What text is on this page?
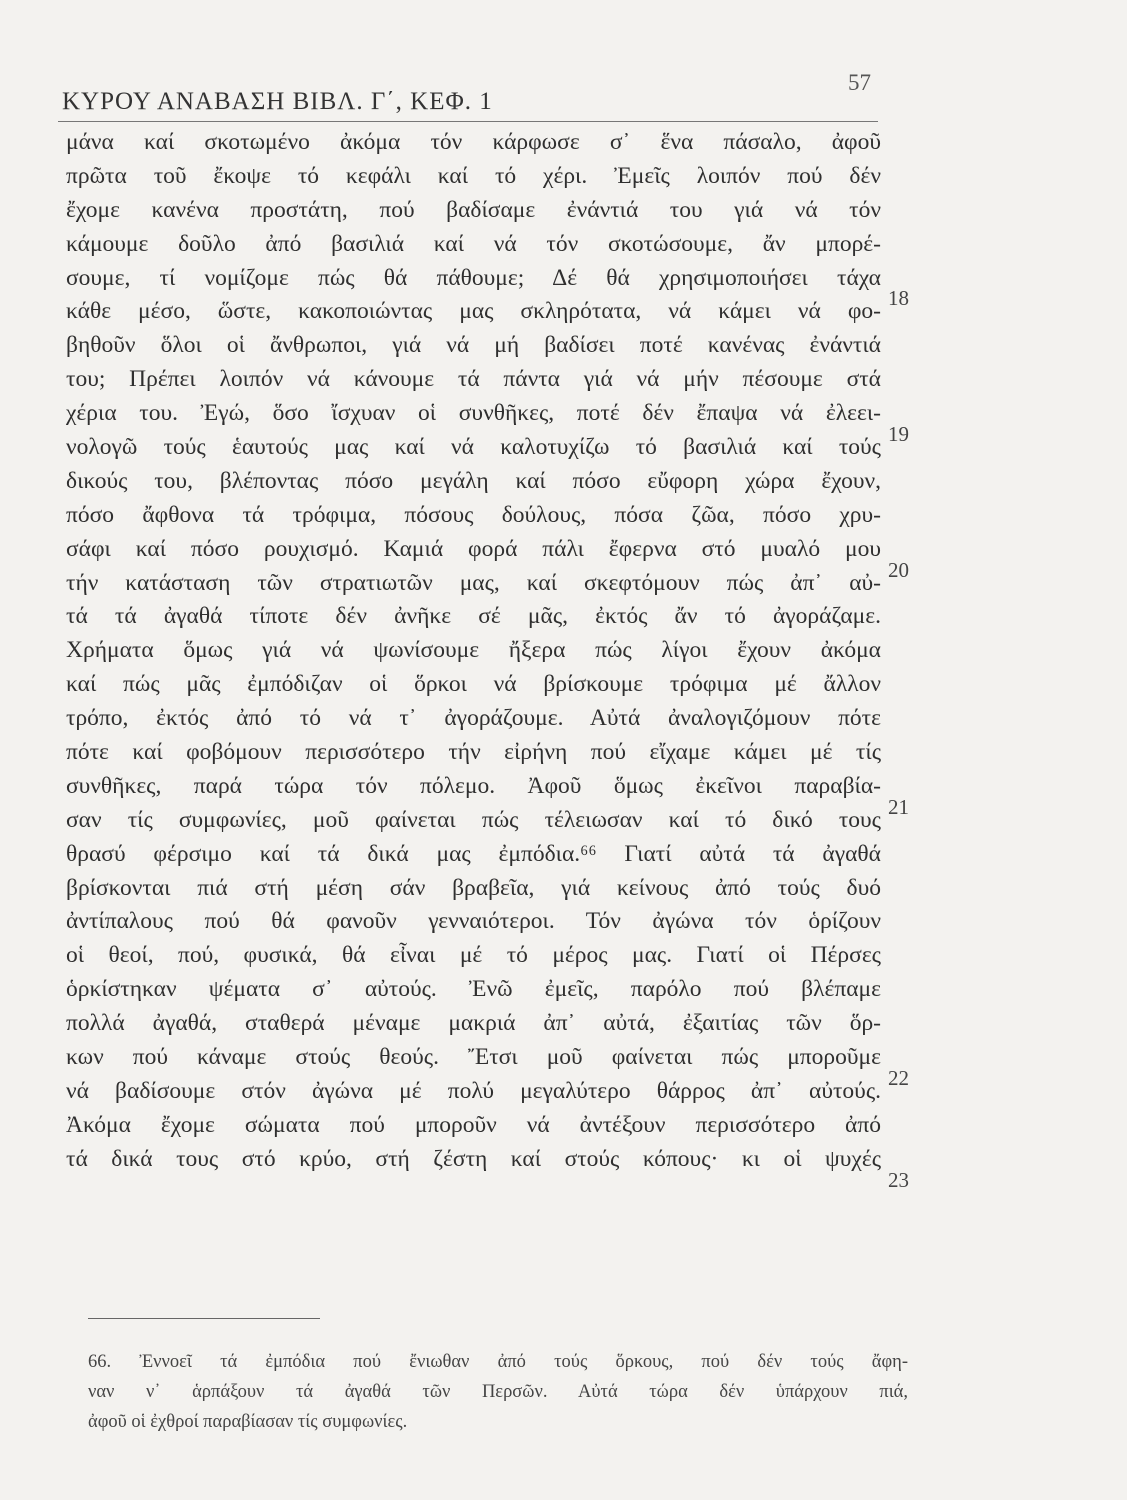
ΚΥΡΟΥ ΑΝΑΒΑΣΗ ΒΙΒΛ. Γ΄, ΚΕΦ. 1
57
μάνα καί σκοτωμένο ἀκόμα τόν κάρφωσε σ᾽ ἕνα πάσαλο, ἀφοῦ
πρῶτα τοῦ ἔκοψε τό κεφάλι καί τό χέρι. Ἐμεῖς λοιπόν πού δέν
ἔχομε κανένα προστάτη, πού βαδίσαμε ἐνάντιά του γιά νά τόν
κάμουμε δοῦλο ἀπό βασιλιά καί νά τόν σκοτώσουμε, ἄν μπορέ-
σουμε, τί νομίζομε πώς θά πάθουμε; Δέ θά χρησιμοποιήσει τάχα
κάθε μέσο, ὥστε, κακοποιώντας μας σκληρότατα, νά κάμει νά φο-
βηθοῦν ὅλοι οἱ ἄνθρωποι, γιά νά μή βαδίσει ποτέ κανένας ἐνάντιά
του; Πρέπει λοιπόν νά κάνουμε τά πάντα γιά νά μήν πέσουμε στά
χέρια του. Ἐγώ, ὅσο ἴσχυαν οἱ συνθῆκες, ποτέ δέν ἔπαψα νά ἐλεει-
νολογῶ τούς ἑαυτούς μας καί νά καλοτυχίζω τό βασιλιά καί τούς
δικούς του, βλέποντας πόσο μεγάλη καί πόσο εὔφορη χώρα ἔχουν,
πόσο ἄφθονα τά τρόφιμα, πόσους δούλους, πόσα ζῶα, πόσο χρυ-
σάφι καί πόσο ρουχισμό. Καμιά φορά πάλι ἔφερνα στό μυαλό μου
τήν κατάσταση τῶν στρατιωτῶν μας, καί σκεφτόμουν πώς ἀπ᾽ αὐ-
τά τά ἀγαθά τίποτε δέν ἀνῆκε σέ μᾶς, ἐκτός ἄν τό ἀγοράζαμε.
Χρήματα ὅμως γιά νά ψωνίσουμε ἤξερα πώς λίγοι ἔχουν ἀκόμα
καί πώς μᾶς ἐμπόδιζαν οἱ ὅρκοι νά βρίσκουμε τρόφιμα μέ ἄλλον
τρόπο, ἐκτός ἀπό τό νά τ᾽ ἀγοράζουμε. Αὐτά ἀναλογιζόμουν πότε
πότε καί φοβόμουν περισσότερο τήν εἰρήνη πού εἴχαμε κάμει μέ τίς
συνθῆκες, παρά τώρα τόν πόλεμο. Ἀφοῦ ὅμως ἐκεῖνοι παραβία-
σαν τίς συμφωνίες, μοῦ φαίνεται πώς τέλειωσαν καί τό δικό τους
θρασύ φέρσιμο καί τά δικά μας ἐμπόδια.⁶⁶ Γιατί αὐτά τά ἀγαθά
βρίσκονται πιά στή μέση σάν βραβεῖα, γιά κείνους ἀπό τούς δυό
ἀντίπαλους πού θά φανοῦν γενναιότεροι. Τόν ἀγώνα τόν ὁρίζουν
οἱ θεοί, πού, φυσικά, θά εἶναι μέ τό μέρος μας. Γιατί οἱ Πέρσες
ὁρκίστηκαν ψέματα σ᾽ αὐτούς. Ἐνῶ ἐμεῖς, παρόλο πού βλέπαμε
πολλά ἀγαθά, σταθερά μέναμε μακριά ἀπ᾽ αὐτά, ἐξαιτίας τῶν ὅρ-
κων πού κάναμε στούς θεούς. Ἔτσι μοῦ φαίνεται πώς μποροῦμε
νά βαδίσουμε στόν ἀγώνα μέ πολύ μεγαλύτερο θάρρος ἀπ᾽ αὐτούς.
Ἀκόμα ἔχομε σώματα πού μποροῦν νά ἀντέξουν περισσότερο ἀπό
τά δικά τους στό κρύο, στή ζέστη καί στούς κόπους· κι οἱ ψυχές
18
19
20
21
22
23
66. Ἐννοεῖ τά ἐμπόδια πού ἔνιωθαν ἀπό τούς ὅρκους, πού δέν τούς ἄφη-
ναν ν᾽ ἁρπάξουν τά ἀγαθά τῶν Περσῶν. Αὐτά τώρα δέν ὑπάρχουν πιά,
ἀφοῦ οἱ ἐχθροί παραβίασαν τίς συμφωνίες.
